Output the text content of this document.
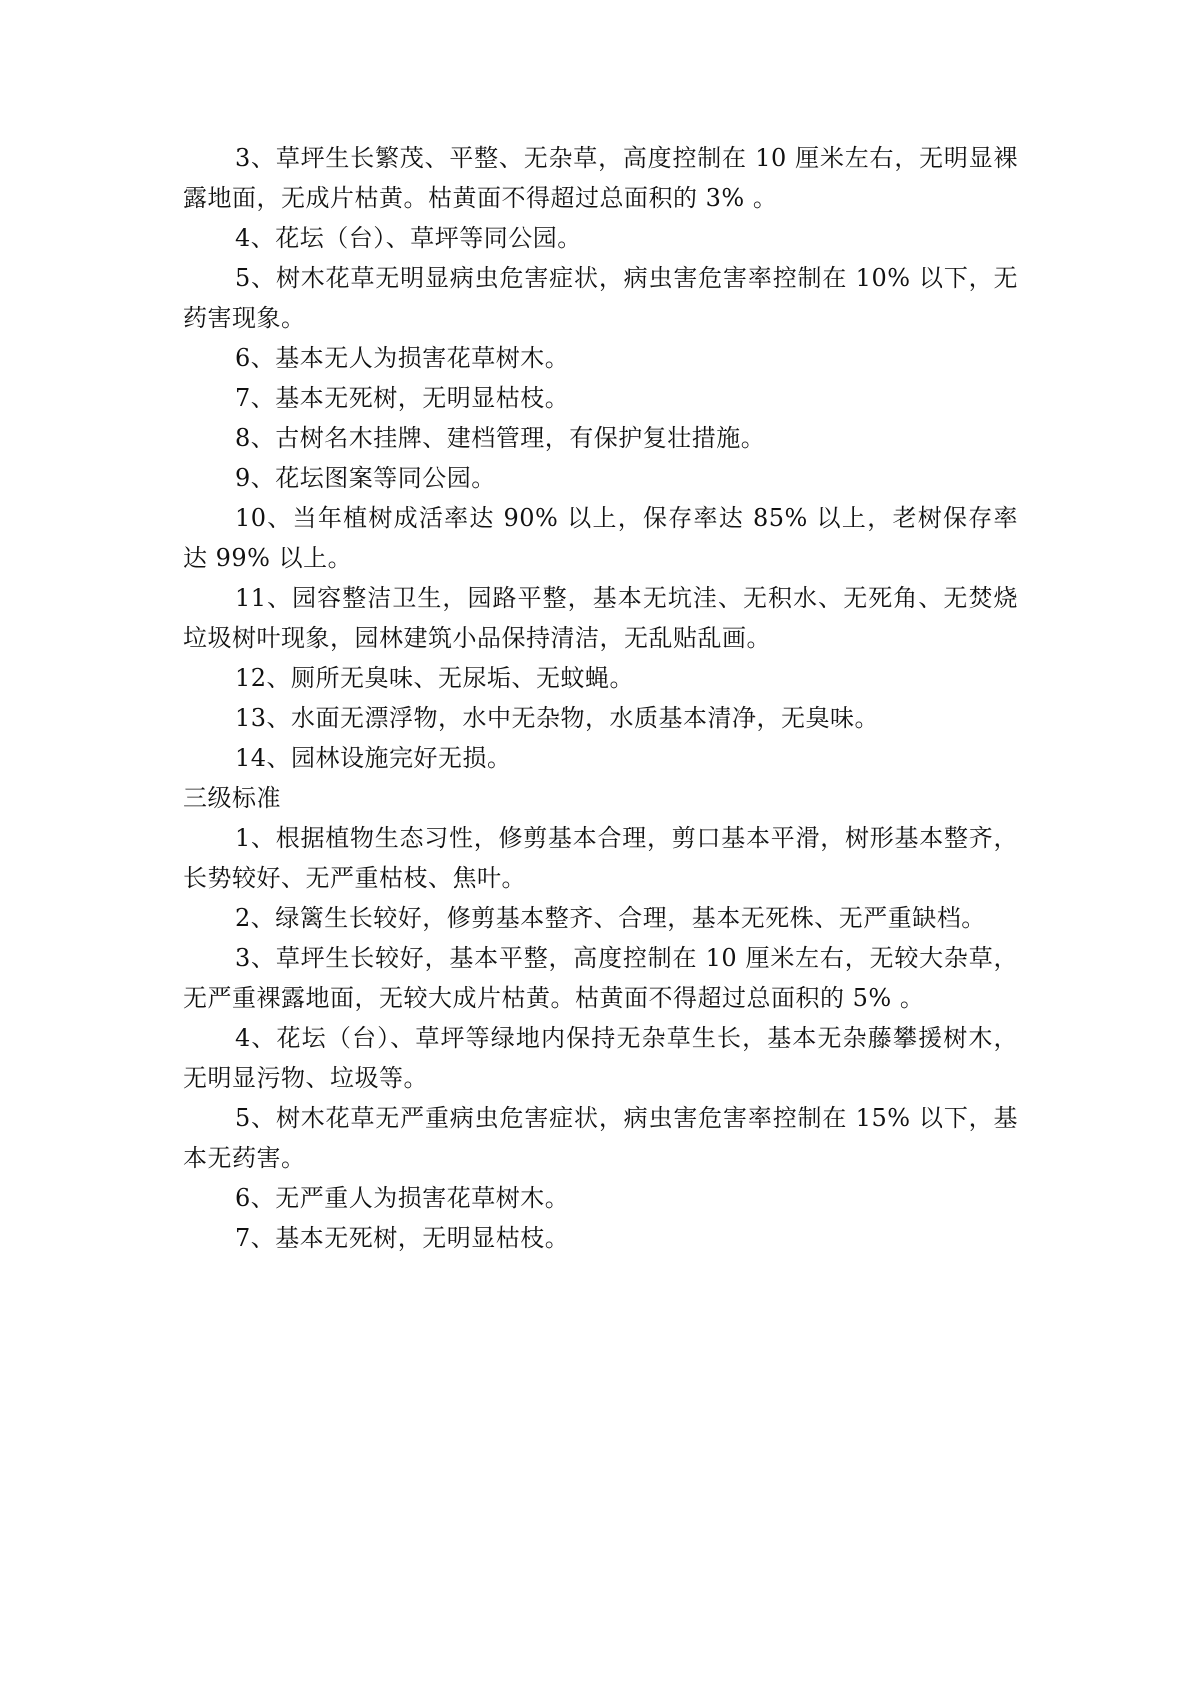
3、草坪生长繁茂、平整、无杂草，高度控制在 10 厘米左右，无明显裸露地面，无成片枯黄。枯黄面不得超过总面积的 3% 。

4、花坛（台）、草坪等同公园。

5、树木花草无明显病虫危害症状，病虫害危害率控制在 10% 以下，无药害现象。

6、基本无人为损害花草树木。

7、基本无死树，无明显枯枝。

8、古树名木挂牌、建档管理，有保护复壮措施。

9、花坛图案等同公园。

10、当年植树成活率达 90% 以上，保存率达 85% 以上，老树保存率达 99% 以上。

11、园容整洁卫生，园路平整，基本无坑洼、无积水、无死角、无焚烧垃圾树叶现象，园林建筑小品保持清洁，无乱贴乱画。

12、厕所无臭味、无尿垢、无蚊蝇。

13、水面无漂浮物，水中无杂物，水质基本清净，无臭味。

14、园林设施完好无损。

三级标准

1、根据植物生态习性，修剪基本合理，剪口基本平滑，树形基本整齐，长势较好、无严重枯枝、焦叶。

2、绿篱生长较好，修剪基本整齐、合理，基本无死株、无严重缺档。

3、草坪生长较好，基本平整，高度控制在 10 厘米左右，无较大杂草，无严重裸露地面，无较大成片枯黄。枯黄面不得超过总面积的 5% 。

4、花坛（台）、草坪等绿地内保持无杂草生长，基本无杂藤攀援树木，无明显污物、垃圾等。

5、树木花草无严重病虫危害症状，病虫害危害率控制在 15% 以下，基本无药害。

6、无严重人为损害花草树木。

7、基本无死树，无明显枯枝。
